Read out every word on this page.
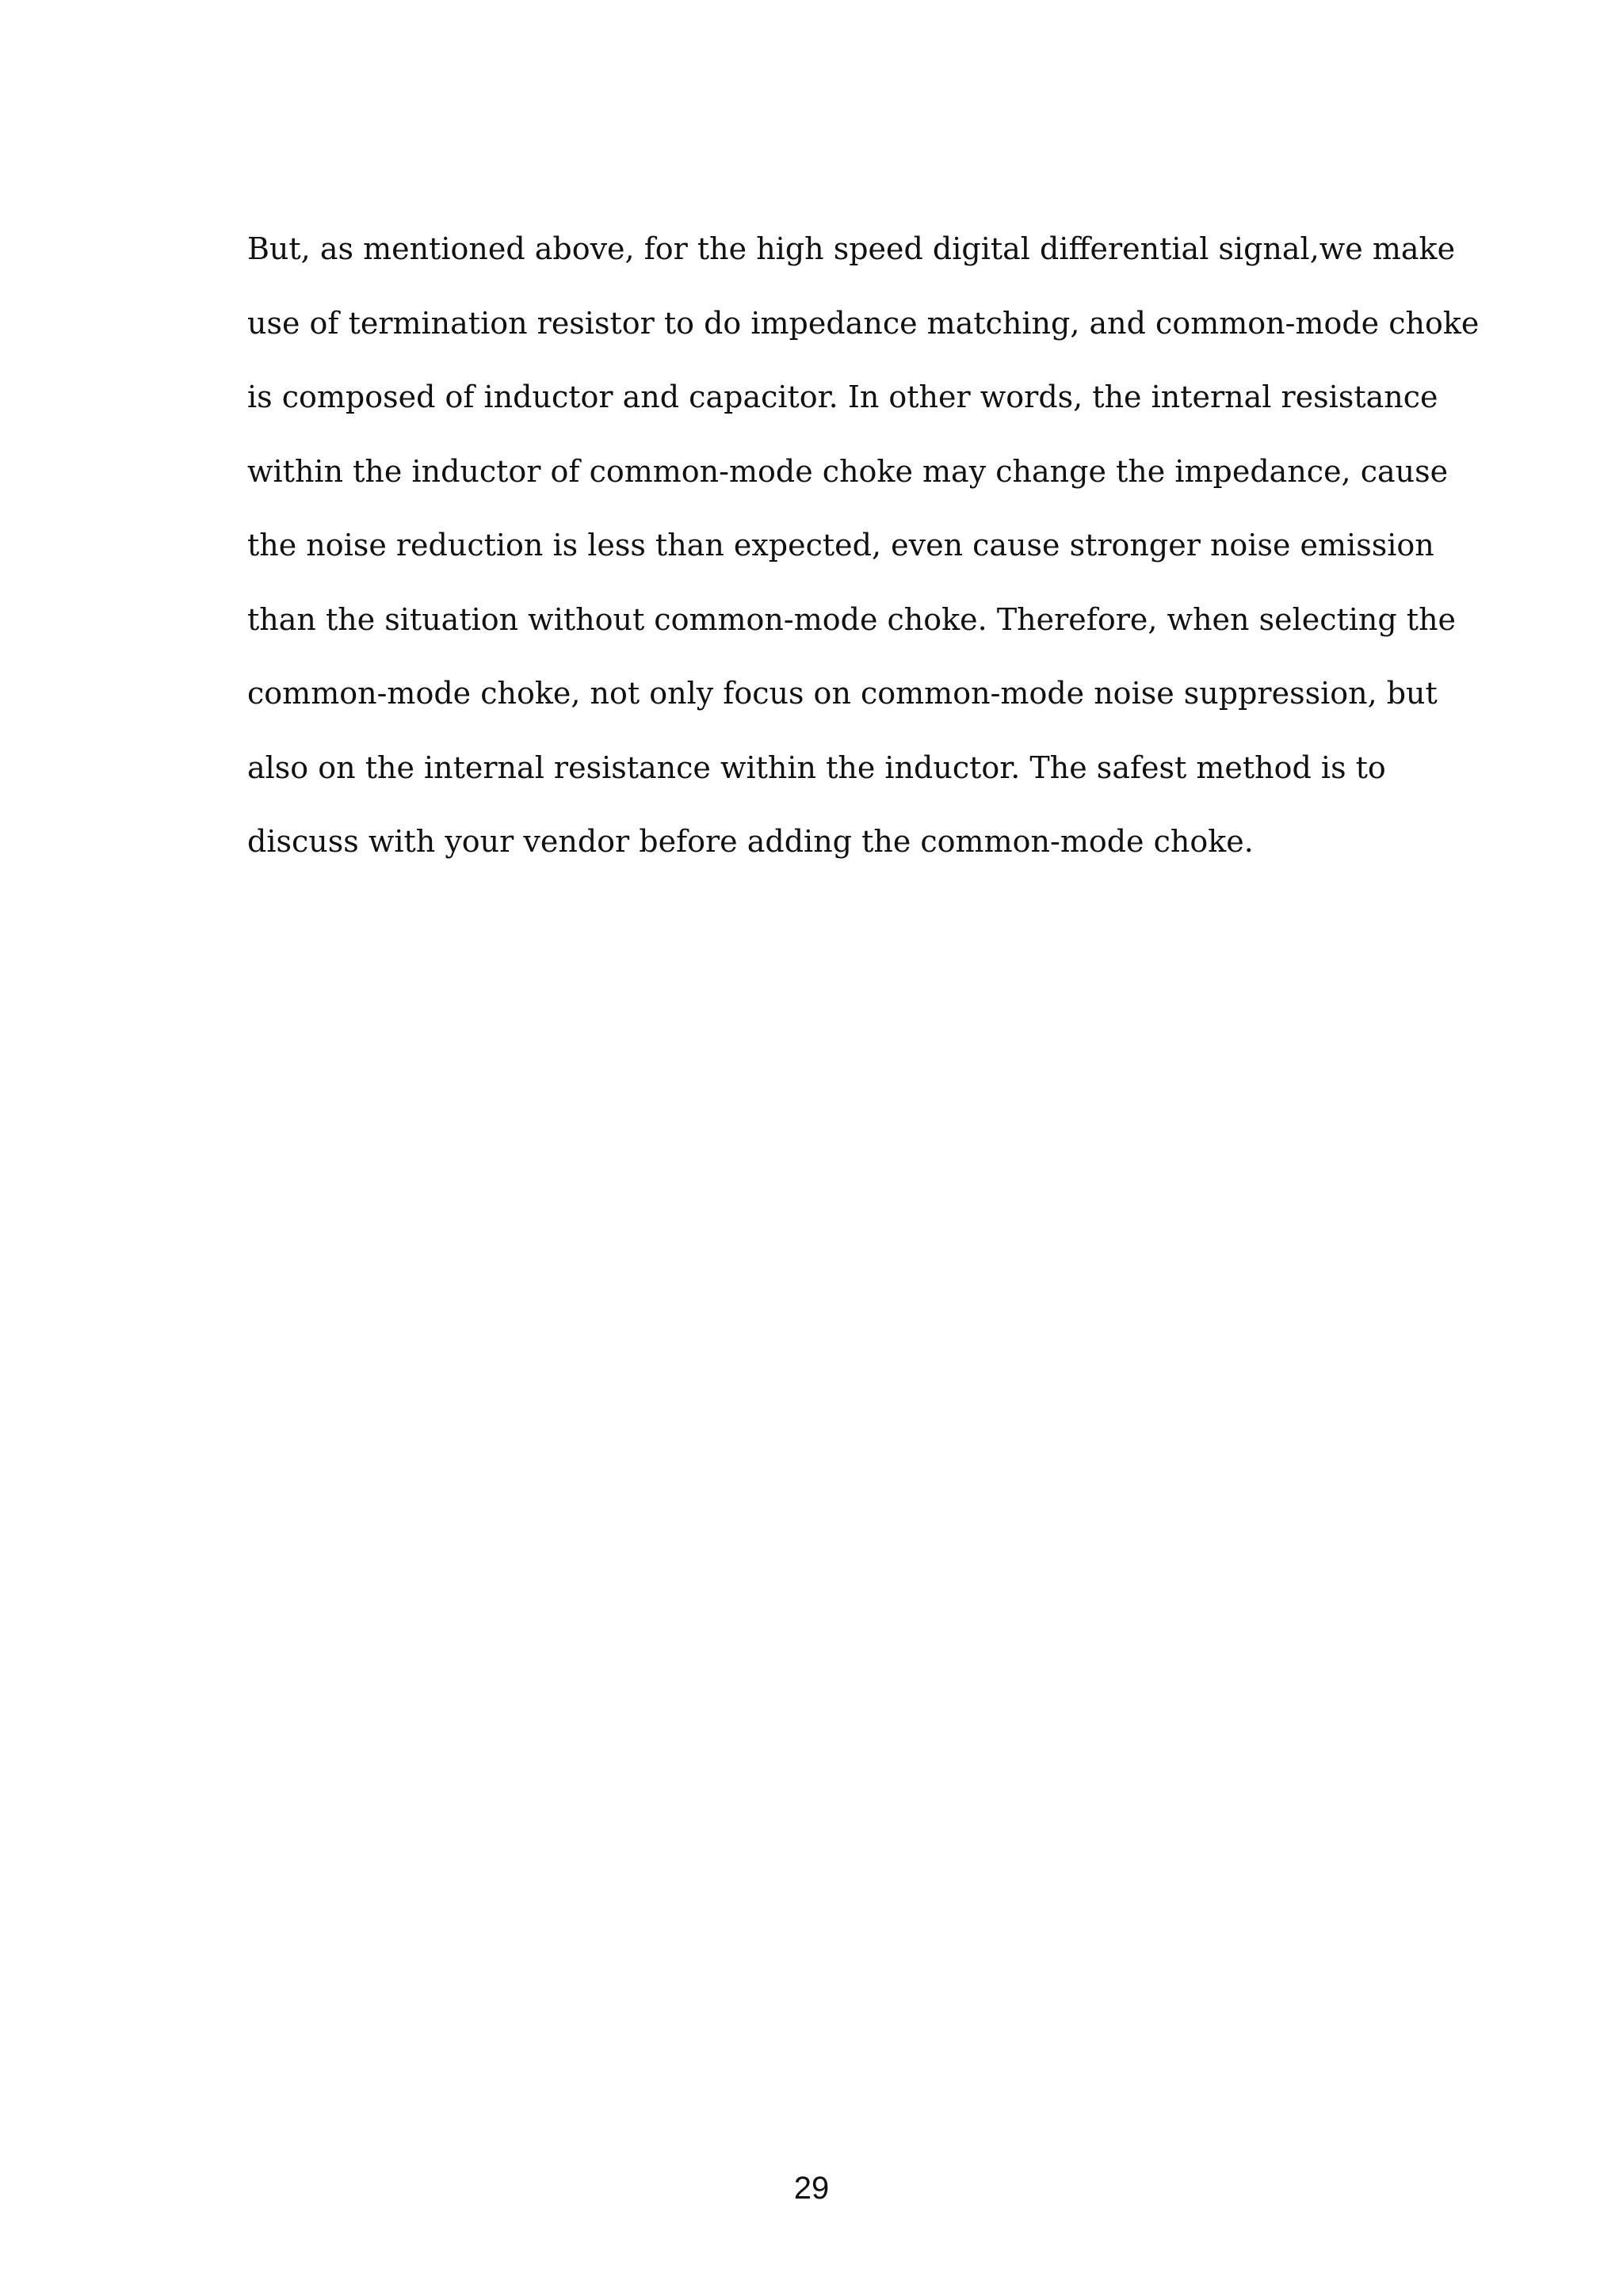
But, as mentioned above, for the high speed digital differential signal,we make
use of termination resistor to do impedance matching, and common-mode choke
is composed of inductor and capacitor. In other words, the internal resistance
within the inductor of common-mode choke may change the impedance, cause
the noise reduction is less than expected, even cause stronger noise emission
than the situation without common-mode choke. Therefore, when selecting the
common-mode choke, not only focus on common-mode noise suppression, but
also on the internal resistance within the inductor. The safest method is to
discuss with your vendor before adding the common-mode choke.

29
